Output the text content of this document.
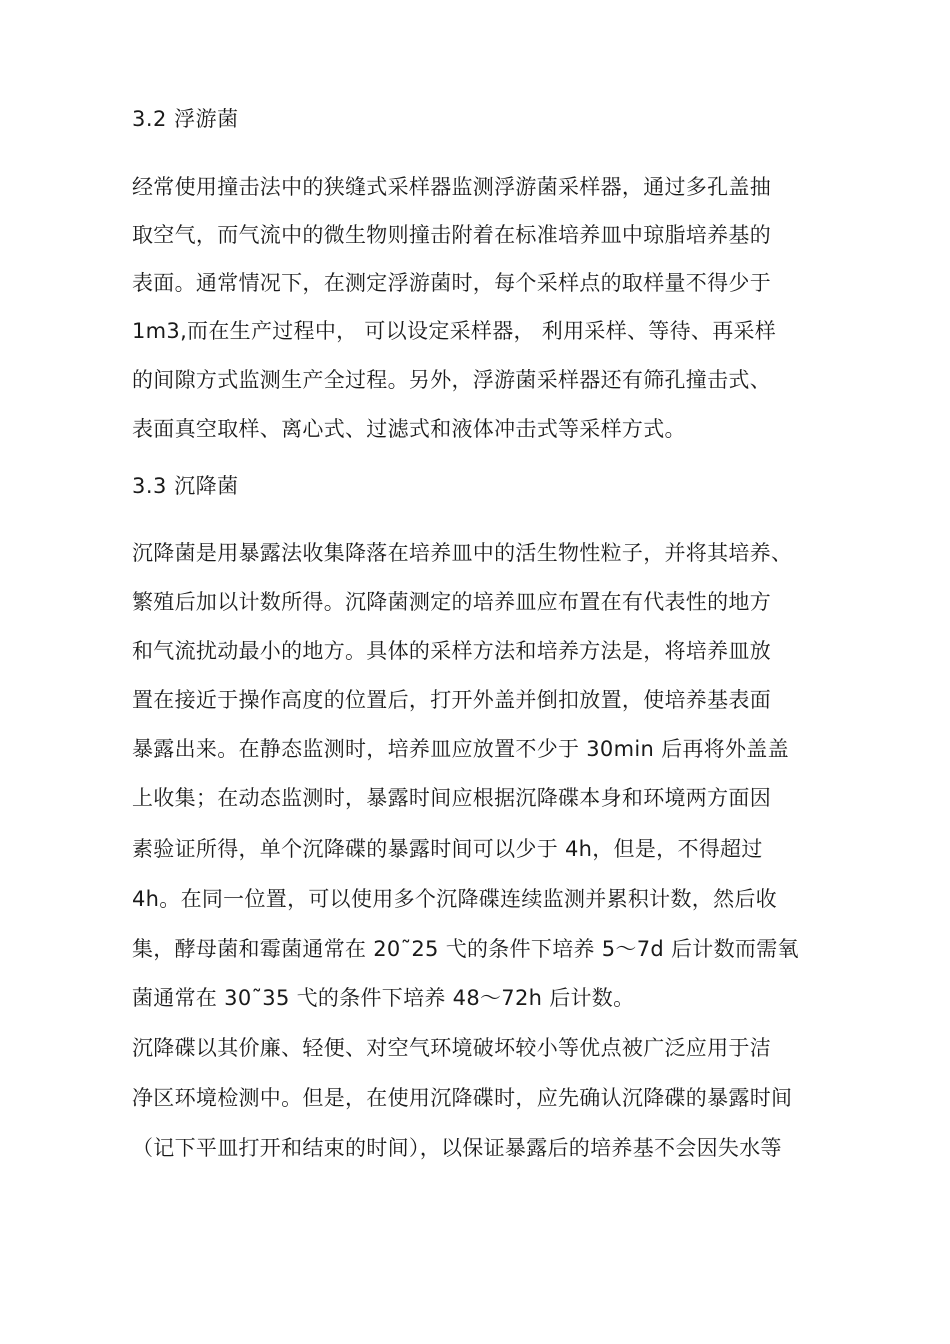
3.2 浮游菌
经常使用撞击法中的狭缝式采样器监测浮游菌采样器，通过多孔盖抽
取空气，而气流中的微生物则撞击附着在标准培养皿中琼脂培养基的
表面。通常情况下，在测定浮游菌时，每个采样点的取样量不得少于
1m3,而在生产过程中， 可以设定采样器， 利用采样、等待、再采样
的间隙方式监测生产全过程。另外，浮游菌采样器还有筛孔撞击式、
表面真空取样、离心式、过滤式和液体冲击式等采样方式。
3.3 沉降菌
沉降菌是用暴露法收集降落在培养皿中的活生物性粒子，并将其培养、
繁殖后加以计数所得。沉降菌测定的培养皿应布置在有代表性的地方
和气流扰动最小的地方。具体的采样方法和培养方法是，将培养皿放
置在接近于操作高度的位置后，打开外盖并倒扣放置，使培养基表面
暴露出来。在静态监测时，培养皿应放置不少于 30min 后再将外盖盖
上收集；在动态监测时，暴露时间应根据沉降碟本身和环境两方面因
素验证所得，单个沉降碟的暴露时间可以少于 4h，但是，不得超过
4h。在同一位置，可以使用多个沉降碟连续监测并累积计数，然后收
集，酵母菌和霉菌通常在 20˜25 弋的条件下培养 5～7d 后计数而需氧
菌通常在 30˜35 弋的条件下培养 48～72h 后计数。
沉降碟以其价廉、轻便、对空气环境破坏较小等优点被广泛应用于洁
净区环境检测中。但是，在使用沉降碟时，应先确认沉降碟的暴露时间
（记下平皿打开和结束的时间），以保证暴露后的培养基不会因失水等
